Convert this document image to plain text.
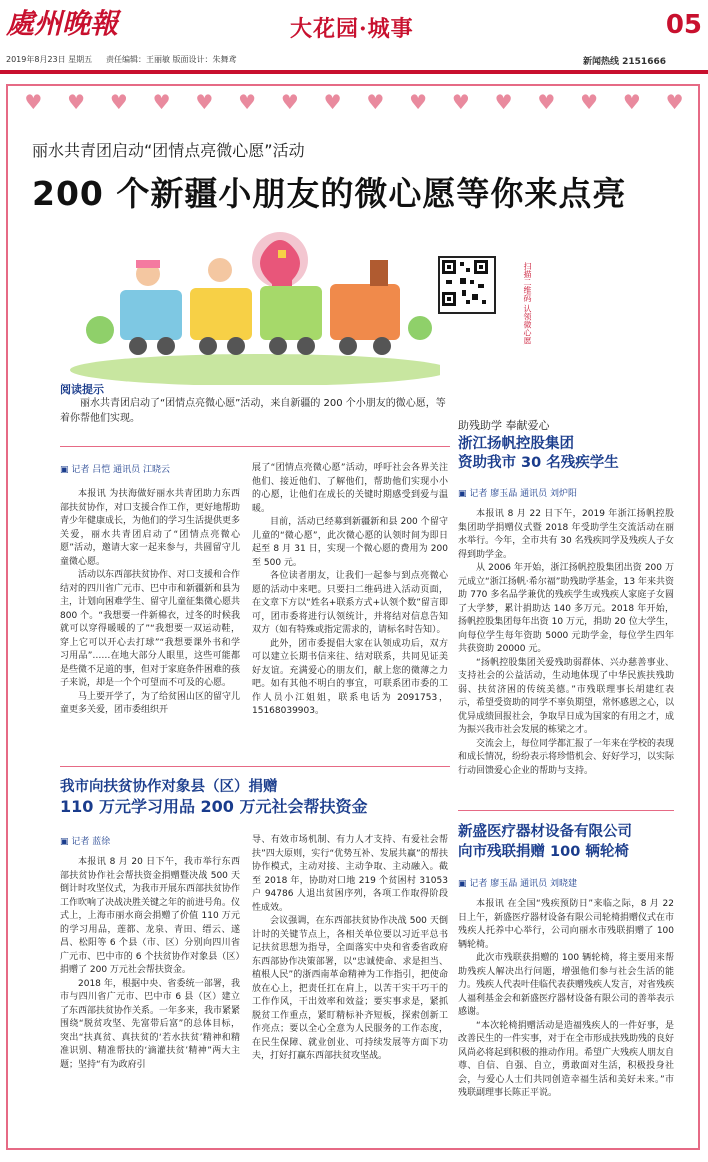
處州晚報	大花园·城事	05
2019年8月23日 星期五 责任编辑：王丽敏 版面设计：朱舞鸢	新闻热线 2151666
♥ ♥ ♥ ♥ ♥ ♥ ♥ ♥ ♥ ♥ ♥ ♥ ♥ ♥ ♥ ♥
丽水共青团启动“团情点亮微心愿”活动
200 个新疆小朋友的微心愿等你来点亮
扫描二维码 认领微心愿
阅读提示
丽水共青团启动了“团情点亮微心愿”活动，来自新疆的 200 个小朋友的微心愿，等着你帮他们实现。
▣ 记者 吕恺 通讯员 江晓云

本报讯 为扶海做好丽水共青团助力东西部扶贫协作，对口支援合作工作，更好地帮助青少年健康成长，为他们的学习生活提供更多关爱，丽水共青团启动了“团情点亮微心愿”活动，邀请大家一起来参与，共圆留守儿童微心愿。

活动以东西部扶贫协作、对口支援和合作结对的四川省广元市、巴中市和新疆新和县为主，计划向困难学生、留守儿童征集微心愿共 800 个。“我想要一件新棉衣，过冬的时候我就可以穿得暖暖的了”“我想要一双运动鞋，穿上它可以开心去打球”“我想要课外书和学习用品”……在地大部分人眼里，这些可能都是些微不足道的事，但对于家庭条件困难的孩子来说，却是一个个可望而不可及的心愿。

马上要开学了，为了给贫困山区的留守儿童更多关爱，团市委组织开

展了“团情点亮微心愿”活动，呼吁社会各界关注他们、接近他们、了解他们，帮助他们实现小小的心愿，让他们在成长的关键时期感受到爱与温暖。

目前，活动已经募到新疆新和县 200 个留守儿童的“微心愿”，此次微心愿的认领时间为即日起至 8 月 31 日，实现一个微心愿的费用为 200 至 500 元。

各位读者朋友，让我们一起参与到点亮微心愿的活动中来吧。只要扫二维码进入活动页面，在文章下方以“姓名+联系方式+认领个数”留言即可，团市委将进行认领统计，并将结对信息告知双方（如有特殊或指定需求的，请标名时告知）。

此外，团市委提倡大家在认领成功后，双方可以建立长期书信来往、结对联系，共同见证美好友谊。充满爱心的朋友们，献上您的微薄之力吧。如有其他不明白的事宜，可联系团市委的工作人员小江姐姐，联系电话为 2091753，15168039903。

助残助学 奉献爱心
浙江扬帆控股集团
资助我市 30 名残疾学生
▣ 记者 廖玉晶 通讯员 刘炉阳

本报讯 8 月 22 日下午，2019 年浙江扬帆控股集团助学捐赠仪式暨 2018 年受助学生交流活动在丽水举行。今年，全市共有 30 名残疾同学及残疾人子女得到助学金。

从 2006 年开始，浙江扬帆控股集团出资 200 万元成立“浙江扬帆·希尔福”助残助学基金，13 年来共资助 770 多名品学兼优的残疾学生或残疾人家庭子女圆了大学梦，累计捐助达 140 多万元。2018 年开始，扬帆控股集团每年出资 10 万元，捐助 20 位大学生，向每位学生每年资助 5000 元助学金，每位学生四年共获资助 20000 元。

“扬帆控股集团关爱残助弱群体、兴办慈善事业、支持社会的公益活动，生动地体现了中华民族扶残助弱、扶贫济困的传统美德。”市残联理事长胡建红表示，希望受资助的同学不辜负期望，常怀感恩之心，以优异成绩回报社会，争取早日成为国家的有用之才，成为振兴我市社会发展的栋梁之才。

交流会上，每位同学都汇报了一年来在学校的表现和成长情况，纷纷表示将珍惜机会、好好学习，以实际行动回馈爱心企业的帮助与支持。

我市向扶贫协作对象县（区）捐赠
110 万元学习用品 200 万元社会帮扶资金
▣ 记者 蓝徐

本报讯 8 月 20 日下午，我市举行东西部扶贫协作社会帮扶资金捐赠暨决战 500 天倒计时攻坚仪式，为我市开展东西部扶贫协作工作吹响了决战决胜关键之年的前进号角。仪式上，上海市丽水商会捐赠了价值 110 万元的学习用品，莲都、龙泉、青田、缙云、遂昌、松阳等 6 个县（市、区）分别向四川省广元市、巴中市的 6 个扶贫协作对象县（区）捐赠了 200 万元社会帮扶资金。

2018 年，根据中央、省委统一部署，我市与四川省广元市、巴中市 6 县（区）建立了东西部扶贫协作关系。一年多来，我市紧紧围绕“脱贫攻坚、先富带后富”的总体目标，突出“扶真贫、真扶贫的‘若水扶贫’精神和精准识别、精准帮扶的‘滴灌扶贫’精神”两大主题；坚持“有为政府引

导、有效市场机制、有力人才支持、有爱社会帮扶”四大原则，实行“优势互补、发展共赢”的帮扶协作模式，主动对接、主动争取、主动融入。截至 2018 年，协助对口地 219 个贫困村 31053 户 94786 人退出贫困序列，各项工作取得阶段性成效。

会议强调，在东西部扶贫协作决战 500 天倒计时的关键节点上，各相关单位要以习近平总书记扶贫思想为指导，全面落实中央和省委省政府东西部协作决策部署，以“忠诚使命、求是担当、植根人民”的浙西南革命精神为工作指引，把使命放在心上，把责任扛在肩上，以苦干实干巧干的工作作风，干出效率和效益；要实事求是，紧抓脱贫工作重点，紧盯精标补齐短板，探索创新工作亮点；要以全心全意为人民服务的工作态度，在民生保障、就业创业、可持续发展等方面下功夫，打好打赢东西部扶贫攻坚战。

新盛医疗器材设备有限公司
向市残联捐赠 100 辆轮椅
▣ 记者 廖玉晶 通讯员 刘晓建

本报讯 在全国“残疾预防日”来临之际，8 月 22 日上午，新盛医疗器材设备有限公司轮椅捐赠仪式在市残疾人托养中心举行，公司向丽水市残联捐赠了 100 辆轮椅。

此次市残联获捐赠的 100 辆轮椅，将主要用来帮助残疾人解决出行问题，增强他们参与社会生活的能力。残疾人代表叶佳临代表获赠残疾人发言，对省残疾人福利基金会和新盛医疗器材设备有限公司的善举表示感谢。

“本次轮椅捐赠活动是造福残疾人的一件好事，是改善民生的一件实事，对于在全市形成扶残助残的良好风尚必将起到积极的推动作用。希望广大残疾人朋友自尊、自信、自强、自立，勇敢面对生活，积极投身社会，与爱心人士们共同创造幸福生活和美好未来。”市残联副理事长陈正平说。
